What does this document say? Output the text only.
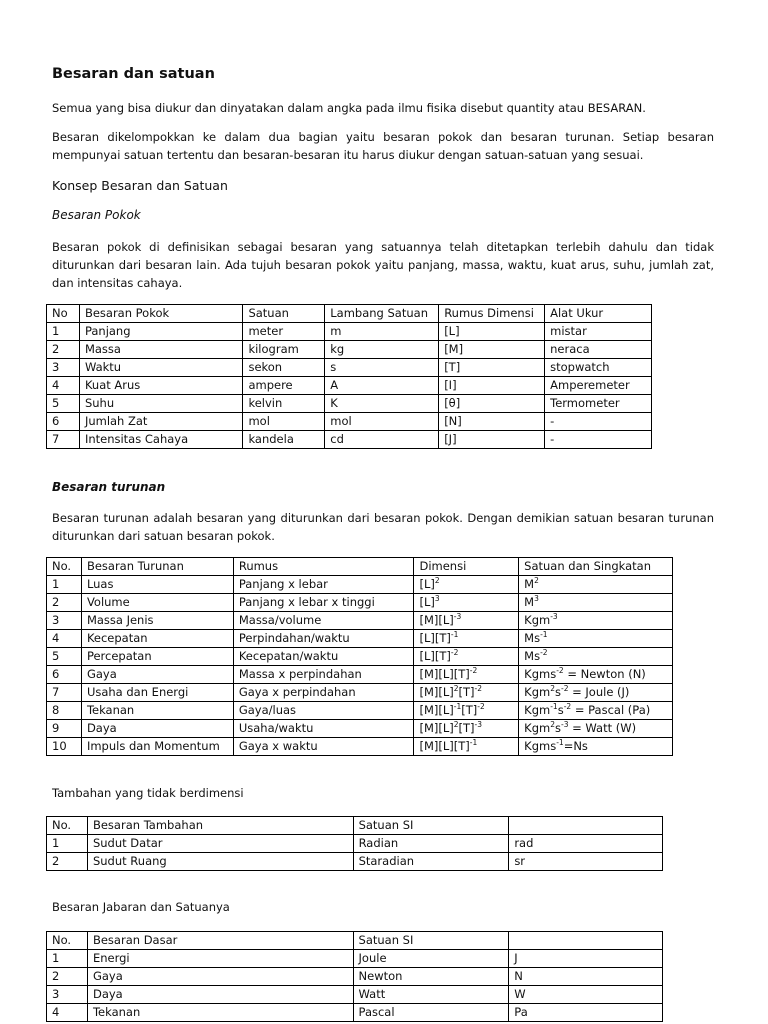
Besaran dan satuan
Semua yang bisa diukur dan dinyatakan dalam angka pada ilmu fisika disebut quantity atau BESARAN.
Besaran dikelompokkan ke dalam dua bagian yaitu besaran pokok dan besaran turunan. Setiap besaran mempunyai satuan tertentu dan besaran-besaran itu harus diukur dengan satuan-satuan yang sesuai.
Konsep Besaran dan Satuan
Besaran Pokok
Besaran pokok di definisikan sebagai besaran yang satuannya telah ditetapkan terlebih dahulu dan tidak diturunkan dari besaran lain. Ada tujuh besaran pokok yaitu panjang, massa, waktu, kuat arus, suhu, jumlah zat, dan intensitas cahaya.
No	Besaran Pokok	Satuan	Lambang Satuan	Rumus Dimensi	Alat Ukur
1	Panjang	meter	m	[L]	mistar
2	Massa	kilogram	kg	[M]	neraca
3	Waktu	sekon	s	[T]	stopwatch
4	Kuat Arus	ampere	A	[I]	Amperemeter
5	Suhu	kelvin	K	[θ]	Termometer
6	Jumlah Zat	mol	mol	[N]	-
7	Intensitas Cahaya	kandela	cd	[J]	-
Besaran turunan
Besaran turunan adalah besaran yang diturunkan dari besaran pokok. Dengan demikian satuan besaran turunan diturunkan dari satuan besaran pokok.
No.	Besaran Turunan	Rumus	Dimensi	Satuan dan Singkatan
1	Luas	Panjang x lebar	$[L]^2$	$M^2$
2	Volume	Panjang x lebar x tinggi	$[L]^3$	$M^3$
3	Massa Jenis	Massa/volume	$[M][L]^{-3}$	Kgm$^{-3}$
4	Kecepatan	Perpindahan/waktu	$[L][T]^{-1}$	$Ms^{-1}$
5	Percepatan	Kecepatan/waktu	$[L][T]^{-2}$	$Ms^{-2}$
6	Gaya	Massa x perpindahan	$[M][L][T]^{-2}$	Kgms$^{-2}$ = Newton (N)
7	Usaha dan Energi	Gaya x perpindahan	$[M][L]^2[T]^{-2}$	$Kgm^2s^{-2}$ = Joule (J)
8	Tekanan	Gaya/luas	$[M][L]^{-1}[T]^{-2}$	$Kgm^{-1}s^{-2}$ = Pascal (Pa)
9	Daya	Usaha/waktu	$[M][L]^2[T]^{-3}$	$Kgm^2s^{-3}$ = Watt (W)
10	Impuls dan Momentum	Gaya x waktu	$[M][L][T]^{-1}$	Kgms$^{-1}$=Ns
Tambahan yang tidak berdimensi
No.	Besaran Tambahan	Satuan SI	
1	Sudut Datar	Radian	rad
2	Sudut Ruang	Staradian	sr
Besaran Jabaran dan Satuanya
No.	Besaran Dasar	Satuan SI	
1	Energi	Joule	J
2	Gaya	Newton	N
3	Daya	Watt	W
4	Tekanan	Pascal	Pa
